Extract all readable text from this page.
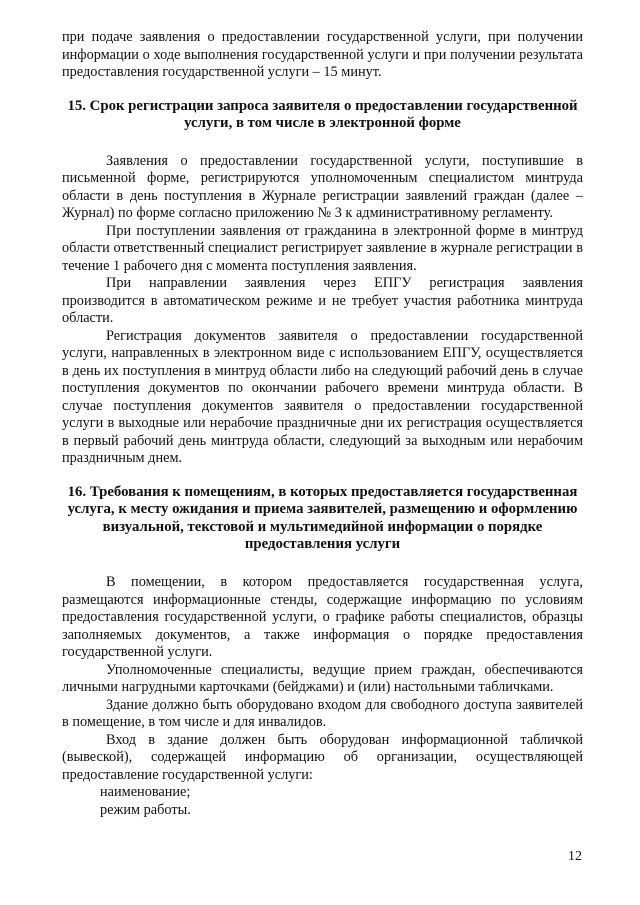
при подаче заявления о предоставлении государственной услуги, при получении информации о ходе выполнения государственной услуги и при получении результата предоставления государственной услуги – 15 минут.

15. Срок регистрации запроса заявителя о предоставлении государственной услуги, в том числе в электронной форме

Заявления о предоставлении государственной услуги, поступившие в письменной форме, регистрируются уполномоченным специалистом минтруда области в день поступления в Журнале регистрации заявлений граждан (далее – Журнал) по форме согласно приложению № 3 к административному регламенту.

При поступлении заявления от гражданина в электронной форме в минтруд области ответственный специалист регистрирует заявление в журнале регистрации в течение 1 рабочего дня с момента поступления заявления.

При направлении заявления через ЕПГУ регистрация заявления производится в автоматическом режиме и не требует участия работника минтруда области.

Регистрация документов заявителя о предоставлении государственной услуги, направленных в электронном виде с использованием ЕПГУ, осуществляется в день их поступления в минтруд области либо на следующий рабочий день в случае поступления документов по окончании рабочего времени минтруда области. В случае поступления документов заявителя о предоставлении государственной услуги в выходные или нерабочие праздничные дни их регистрация осуществляется в первый рабочий день минтруда области, следующий за выходным или нерабочим праздничным днем.

16. Требования к помещениям, в которых предоставляется государственная услуга, к месту ожидания и приема заявителей, размещению и оформлению визуальной, текстовой и мультимедийной информации о порядке предоставления услуги

В помещении, в котором предоставляется государственная услуга, размещаются информационные стенды, содержащие информацию по условиям предоставления государственной услуги, о графике работы специалистов, образцы заполняемых документов, а также информация о порядке предоставления государственной услуги.

Уполномоченные специалисты, ведущие прием граждан, обеспечиваются личными нагрудными карточками (бейджами) и (или) настольными табличками.

Здание должно быть оборудовано входом для свободного доступа заявителей в помещение, в том числе и для инвалидов.

Вход в здание должен быть оборудован информационной табличкой (вывеской), содержащей информацию об организации, осуществляющей предоставление государственной услуги:

наименование;

режим работы.

12
